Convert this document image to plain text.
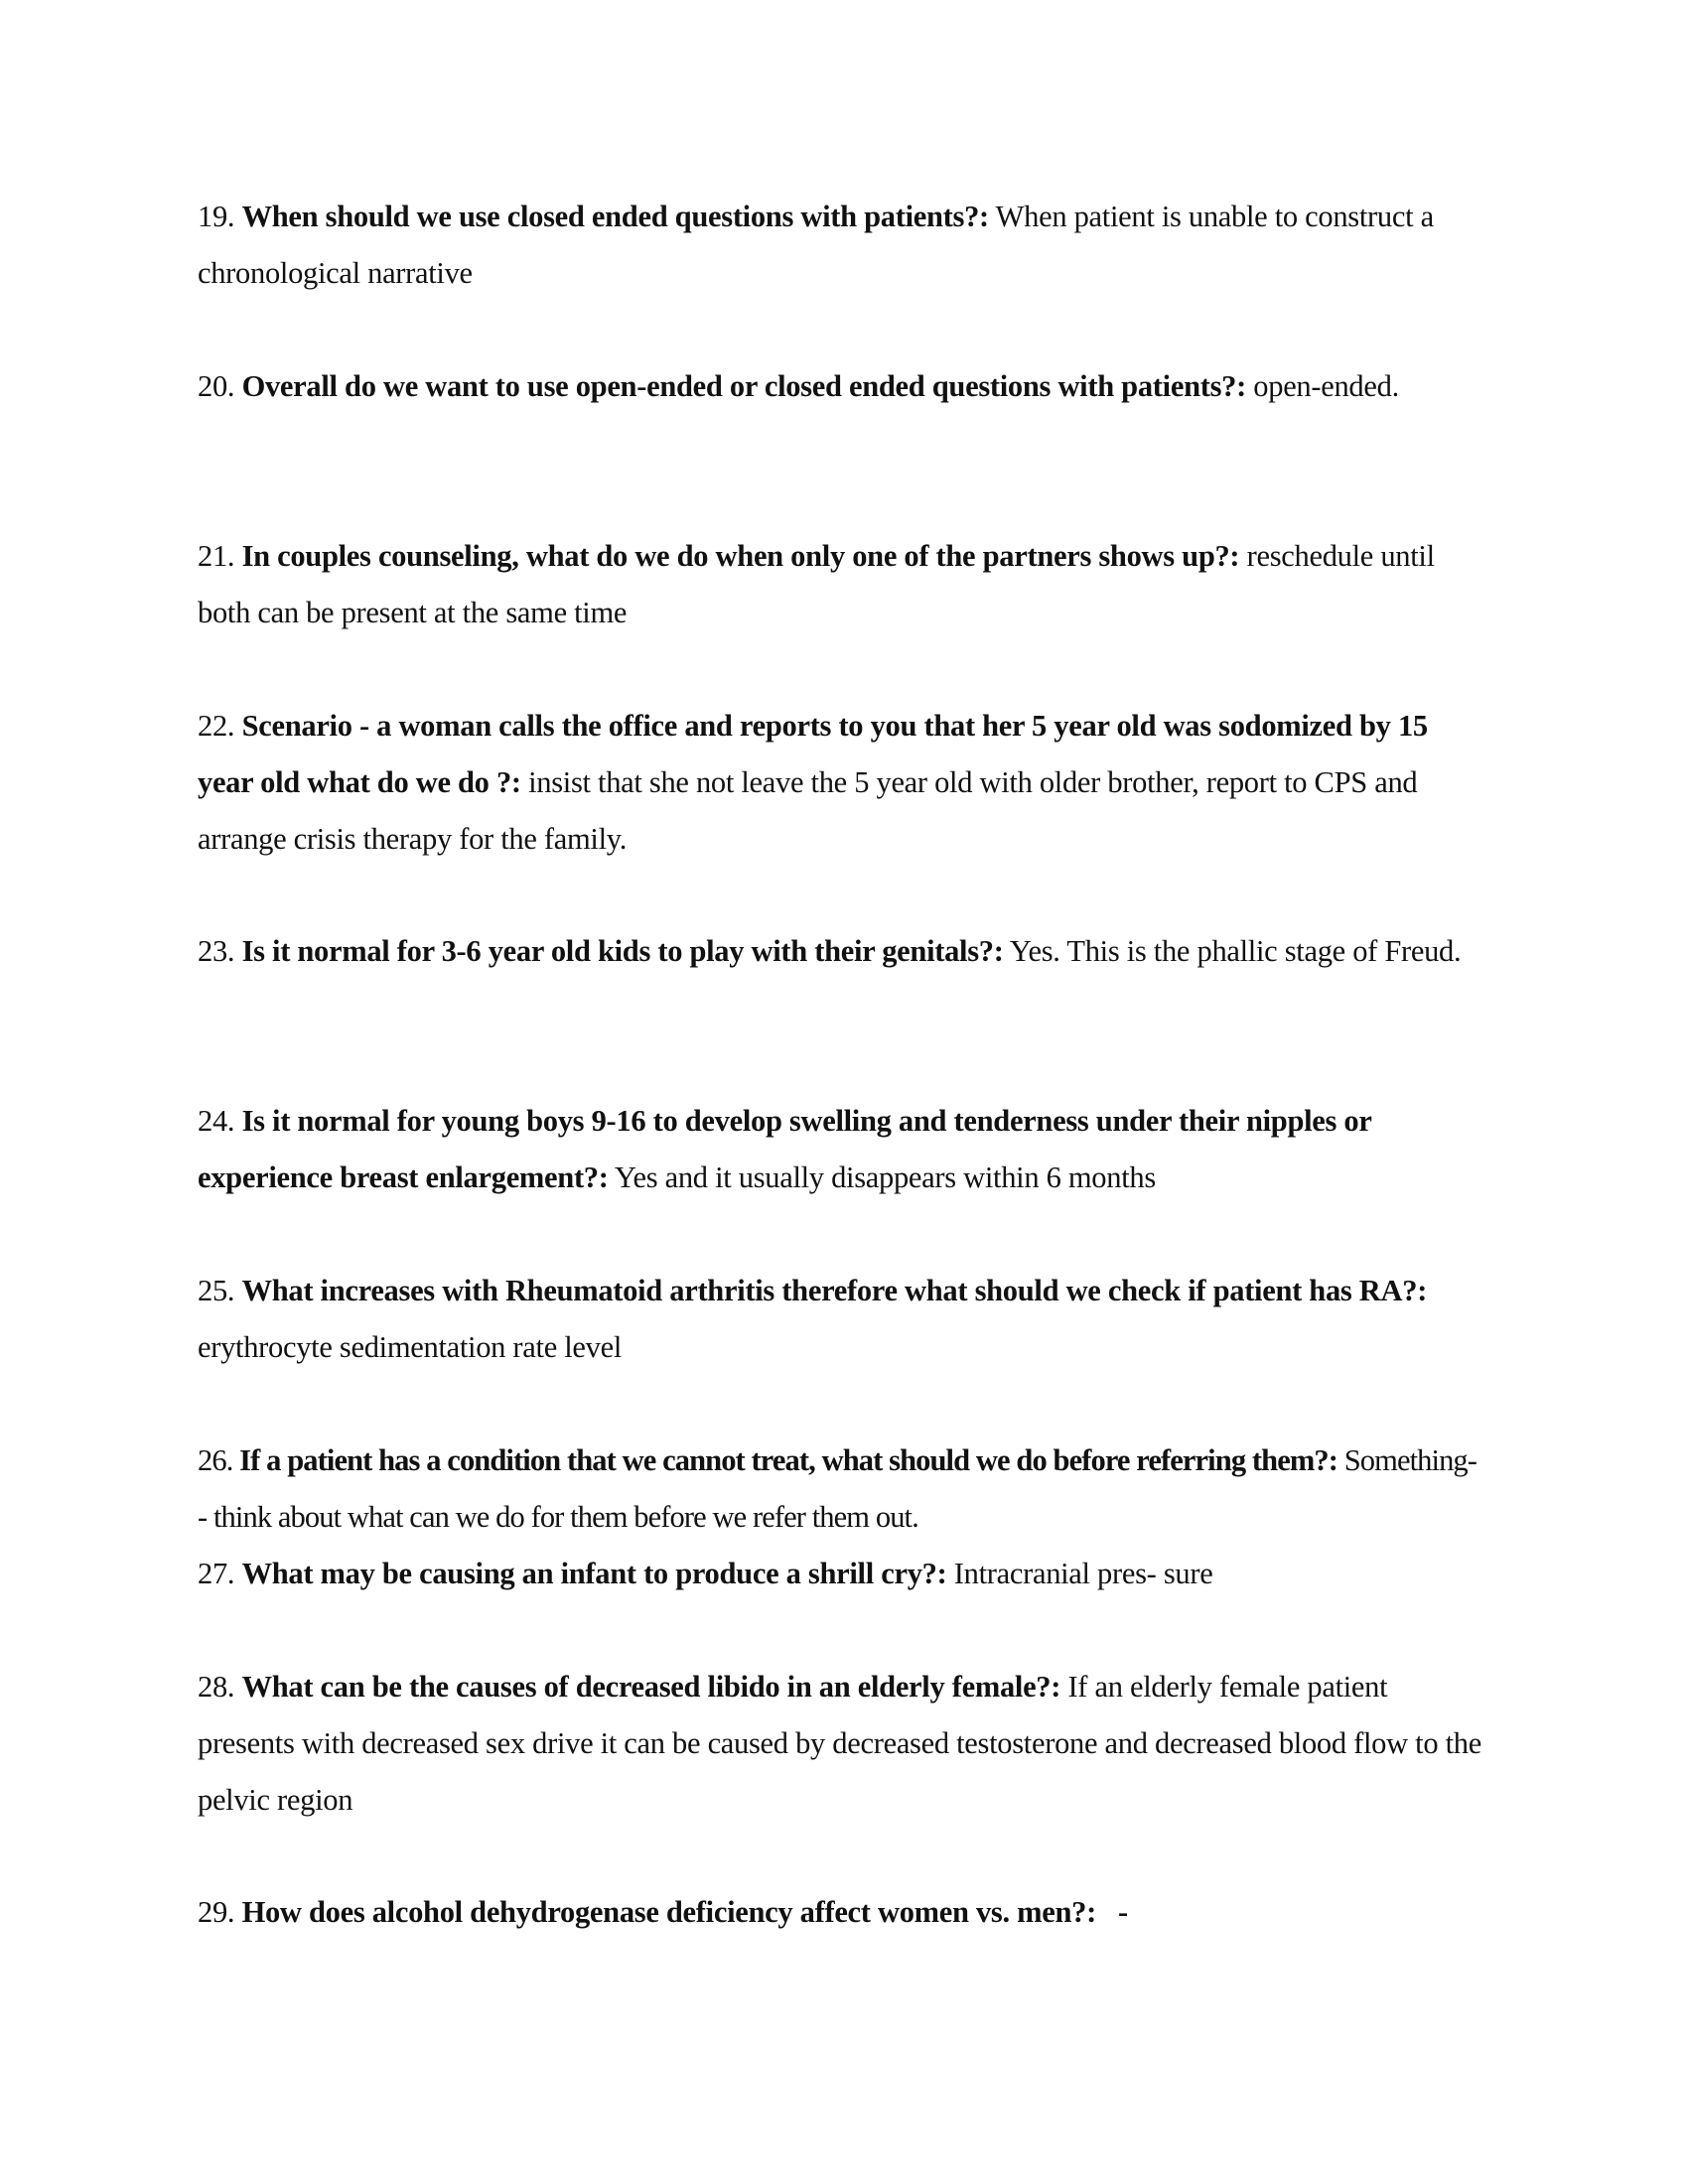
19. When should we use closed ended questions with patients?: When patient is unable to construct a chronological narrative
20. Overall do we want to use open-ended or closed ended questions with patients?: open-ended.
21. In couples counseling, what do we do when only one of the partners shows up?: reschedule until both can be present at the same time
22. Scenario - a woman calls the office and reports to you that her 5 year old was sodomized by 15 year old what do we do ?: insist that she not leave the 5 year old with older brother, report to CPS and arrange crisis therapy for the family.
23. Is it normal for 3-6 year old kids to play with their genitals?: Yes. This is the phallic stage of Freud.
24. Is it normal for young boys 9-16 to develop swelling and tenderness under their nipples or experience breast enlargement?: Yes and it usually disappears within 6 months
25. What increases with Rheumatoid arthritis therefore what should we check if patient has RA?: erythrocyte sedimentation rate level
26. If a patient has a condition that we cannot treat, what should we do before referring them?: Something-- think about what can we do for them before we refer them out.
27. What may be causing an infant to produce a shrill cry?: Intracranial pres- sure
28. What can be the causes of decreased libido in an elderly female?: If an elderly female patient presents with decreased sex drive it can be caused by decreased testosterone and decreased blood flow to the pelvic region
29. How does alcohol dehydrogenase deficiency affect women vs. men?: -
